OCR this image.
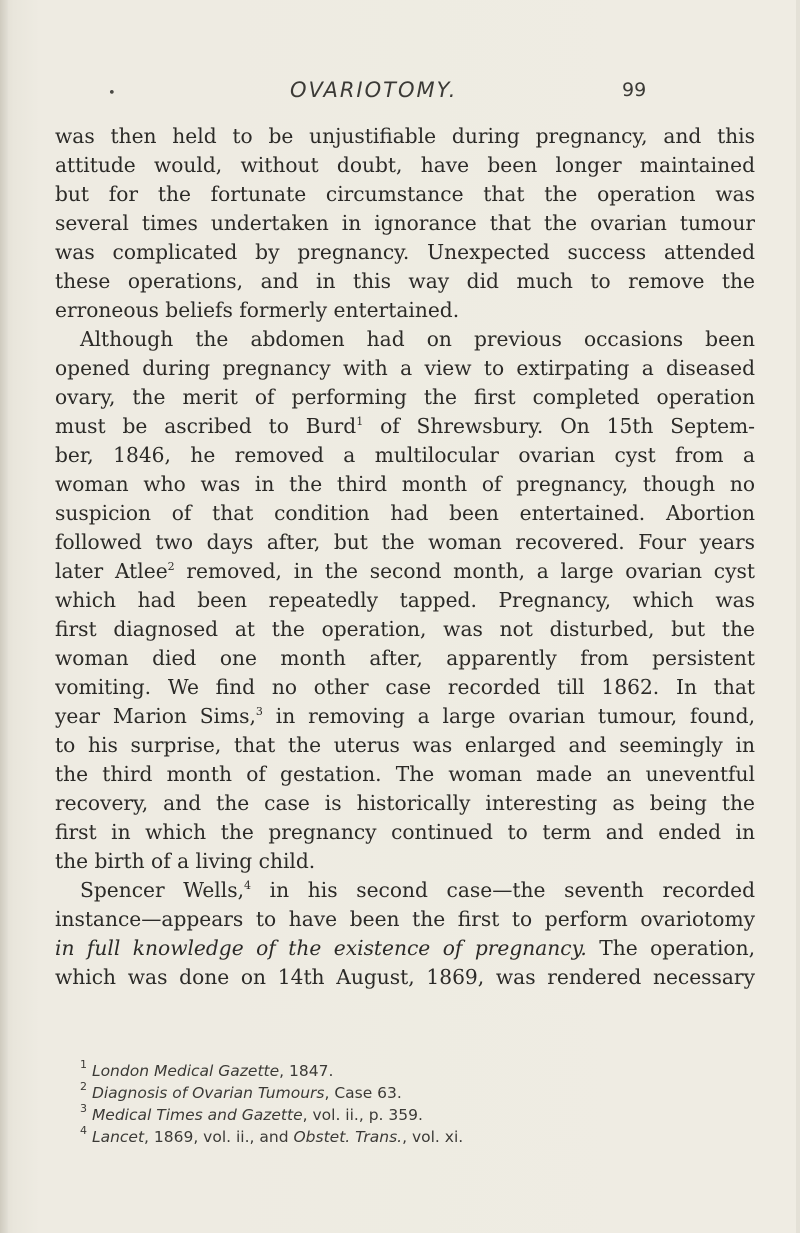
•	OVARIOTOMY.	99
was then held to be unjustifiable during pregnancy, and this
attitude would, without doubt, have been longer maintained
but for the fortunate circumstance that the operation was
several times undertaken in ignorance that the ovarian tumour
was complicated by pregnancy. Unexpected success attended
these operations, and in this way did much to remove the
erroneous beliefs formerly entertained.
Although the abdomen had on previous occasions been
opened during pregnancy with a view to extirpating a diseased
ovary, the merit of performing the first completed operation
must be ascribed to Burd$^1$ of Shrewsbury. On 15th Septem-
ber, 1846, he removed a multilocular ovarian cyst from a
woman who was in the third month of pregnancy, though no
suspicion of that condition had been entertained. Abortion
followed two days after, but the woman recovered. Four years
later Atlee$^2$ removed, in the second month, a large ovarian cyst
which had been repeatedly tapped. Pregnancy, which was
first diagnosed at the operation, was not disturbed, but the
woman died one month after, apparently from persistent
vomiting. We find no other case recorded till 1862. In that
year Marion Sims,$^3$ in removing a large ovarian tumour, found,
to his surprise, that the uterus was enlarged and seemingly in
the third month of gestation. The woman made an uneventful
recovery, and the case is historically interesting as being the
first in which the pregnancy continued to term and ended in
the birth of a living child.
Spencer Wells,$^4$ in his second case—the seventh recorded
instance—appears to have been the first to perform ovariotomy
in full knowledge of the existence of pregnancy. The operation,
which was done on 14th August, 1869, was rendered necessary
$^1$ London Medical Gazette, 1847.
$^2$ Diagnosis of Ovarian Tumours, Case 63.
$^3$ Medical Times and Gazette, vol. ii., p. 359.
$^4$ Lancet, 1869, vol. ii., and Obstet. Trans., vol. xi.
